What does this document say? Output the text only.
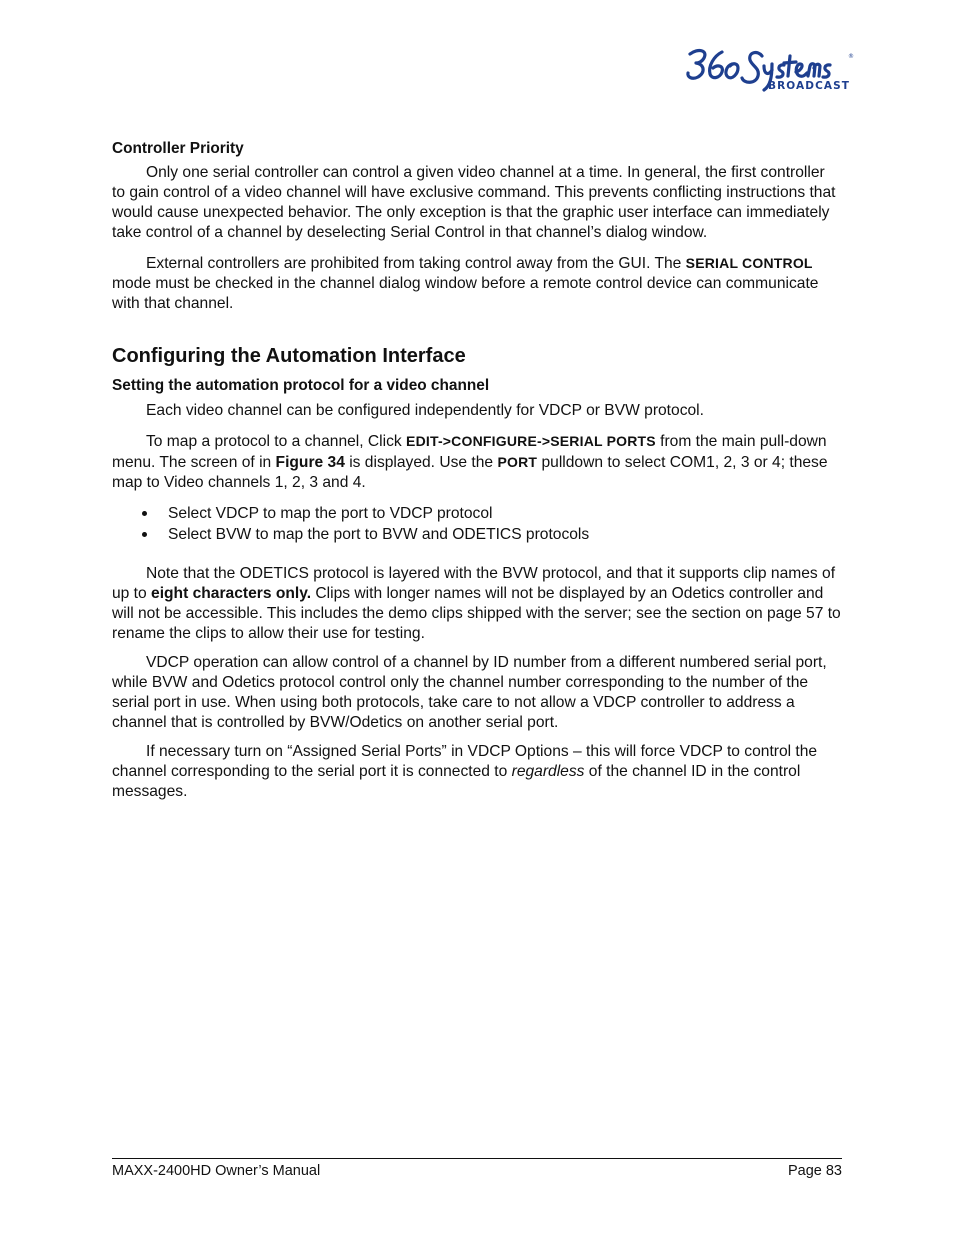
®
BROADCAST
Controller Priority

Only one serial controller can control a given video channel at a time. In general, the first controller to gain control of a video channel will have exclusive command. This prevents conflicting instructions that would cause unexpected behavior. The only exception is that the graphic user interface can immediately take control of a channel by deselecting Serial Control in that channel’s dialog window.

External controllers are prohibited from taking control away from the GUI. The SERIAL CONTROL mode must be checked in the channel dialog window before a remote control device can communicate with that channel.

Configuring the Automation Interface
Setting the automation protocol for a video channel

Each video channel can be configured independently for VDCP or BVW protocol.

To map a protocol to a channel, Click EDIT->CONFIGURE->SERIAL PORTS from the main pull-down menu. The screen of in Figure 34 is displayed. Use the PORT pulldown to select COM1, 2, 3 or 4; these map to Video channels 1, 2, 3 and 4.

Select VDCP to map the port to VDCP protocol
Select BVW to map the port to BVW and ODETICS protocols

Note that the ODETICS protocol is layered with the BVW protocol, and that it supports clip names of up to eight characters only. Clips with longer names will not be displayed by an Odetics controller and will not be accessible. This includes the demo clips shipped with the server; see the section on page 57 to rename the clips to allow their use for testing.

VDCP operation can allow control of a channel by ID number from a different numbered serial port, while BVW and Odetics protocol control only the channel number corresponding to the number of the serial port in use. When using both protocols, take care to not allow a VDCP controller to address a channel that is controlled by BVW/Odetics on another serial port.

If necessary turn on “Assigned Serial Ports” in VDCP Options – this will force VDCP to control the channel corresponding to the serial port it is connected to regardless of the channel ID in the control messages.

MAXX-2400HD Owner’s Manual	Page 83
